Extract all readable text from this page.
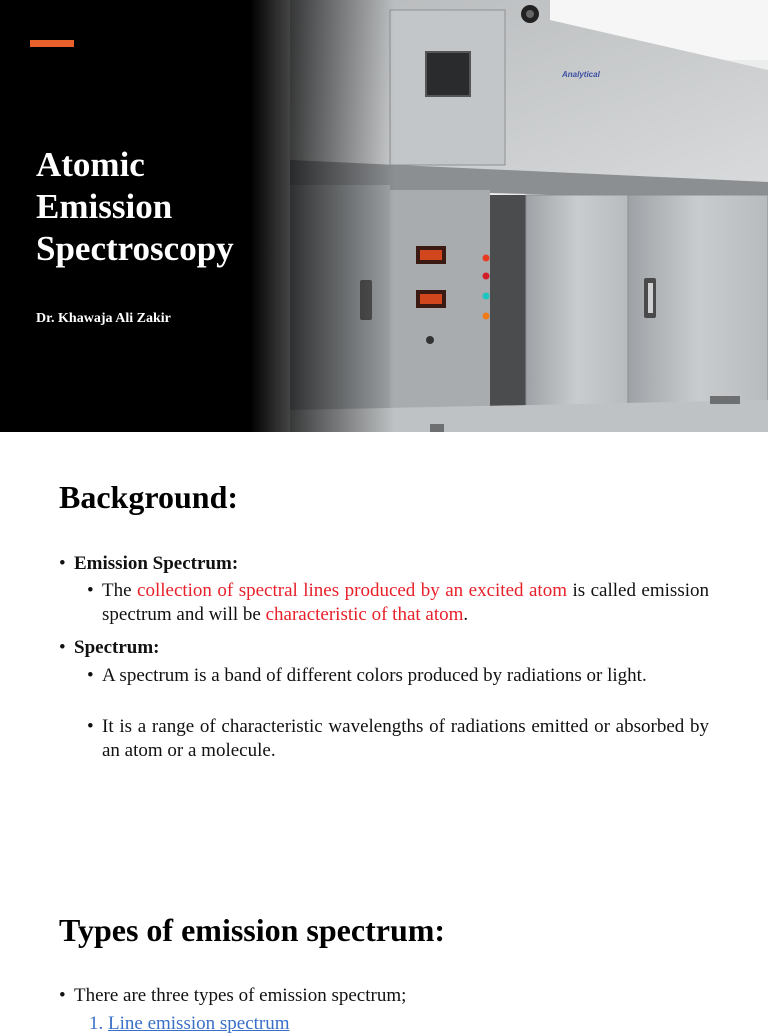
Atomic
Emission
Spectroscopy
Dr. Khawaja Ali Zakir
Background:
• Emission Spectrum:
• The collection of spectral lines produced by an excited atom is called emission spectrum and will be characteristic of that atom.
• Spectrum:
• A spectrum is a band of different colors produced by radiations or light.
• It is a range of characteristic wavelengths of radiations emitted or absorbed by an atom or a molecule.
Types of emission spectrum:
• There are three types of emission spectrum;
1. Line emission spectrum
